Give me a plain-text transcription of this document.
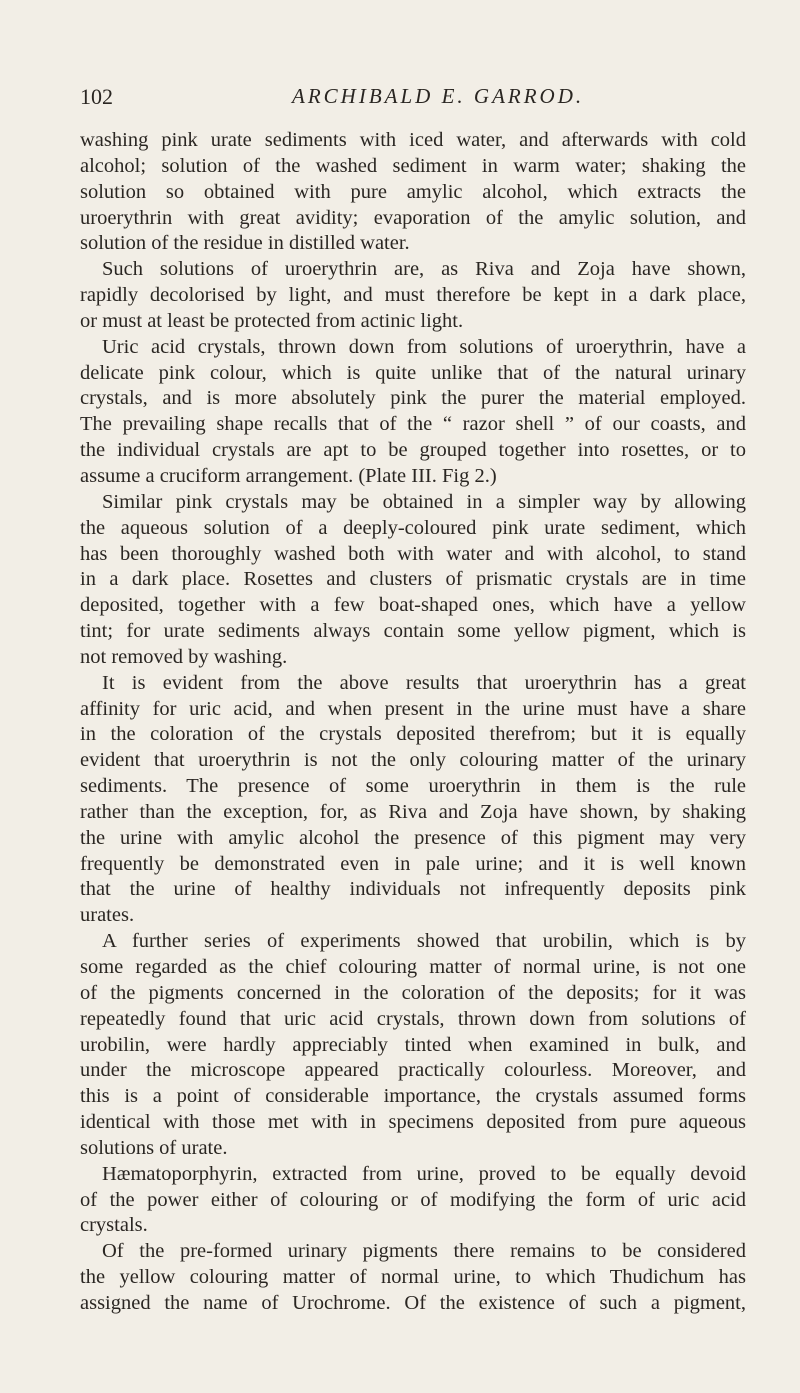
102	ARCHIBALD E. GARROD.
washing pink urate sediments with iced water, and afterwards with cold
alcohol; solution of the washed sediment in warm water; shaking the
solution so obtained with pure amylic alcohol, which extracts the
uroerythrin with great avidity; evaporation of the amylic solution, and
solution of the residue in distilled water.
Such solutions of uroerythrin are, as Riva and Zoja have shown,
rapidly decolorised by light, and must therefore be kept in a dark place,
or must at least be protected from actinic light.
Uric acid crystals, thrown down from solutions of uroerythrin, have a
delicate pink colour, which is quite unlike that of the natural urinary
crystals, and is more absolutely pink the purer the material employed.
The prevailing shape recalls that of the “ razor shell ” of our coasts, and
the individual crystals are apt to be grouped together into rosettes, or to
assume a cruciform arrangement. (Plate III. Fig 2.)
Similar pink crystals may be obtained in a simpler way by allowing
the aqueous solution of a deeply-coloured pink urate sediment, which
has been thoroughly washed both with water and with alcohol, to stand
in a dark place. Rosettes and clusters of prismatic crystals are in time
deposited, together with a few boat-shaped ones, which have a yellow
tint; for urate sediments always contain some yellow pigment, which is
not removed by washing.
It is evident from the above results that uroerythrin has a great
affinity for uric acid, and when present in the urine must have a share
in the coloration of the crystals deposited therefrom; but it is equally
evident that uroerythrin is not the only colouring matter of the urinary
sediments. The presence of some uroerythrin in them is the rule
rather than the exception, for, as Riva and Zoja have shown, by shaking
the urine with amylic alcohol the presence of this pigment may very
frequently be demonstrated even in pale urine; and it is well known
that the urine of healthy individuals not infrequently deposits pink
urates.
A further series of experiments showed that urobilin, which is by
some regarded as the chief colouring matter of normal urine, is not one
of the pigments concerned in the coloration of the deposits; for it was
repeatedly found that uric acid crystals, thrown down from solutions of
urobilin, were hardly appreciably tinted when examined in bulk, and
under the microscope appeared practically colourless. Moreover, and
this is a point of considerable importance, the crystals assumed forms
identical with those met with in specimens deposited from pure aqueous
solutions of urate.
Hæmatoporphyrin, extracted from urine, proved to be equally devoid
of the power either of colouring or of modifying the form of uric acid
crystals.
Of the pre-formed urinary pigments there remains to be considered
the yellow colouring matter of normal urine, to which Thudichum has
assigned the name of Urochrome. Of the existence of such a pigment,
